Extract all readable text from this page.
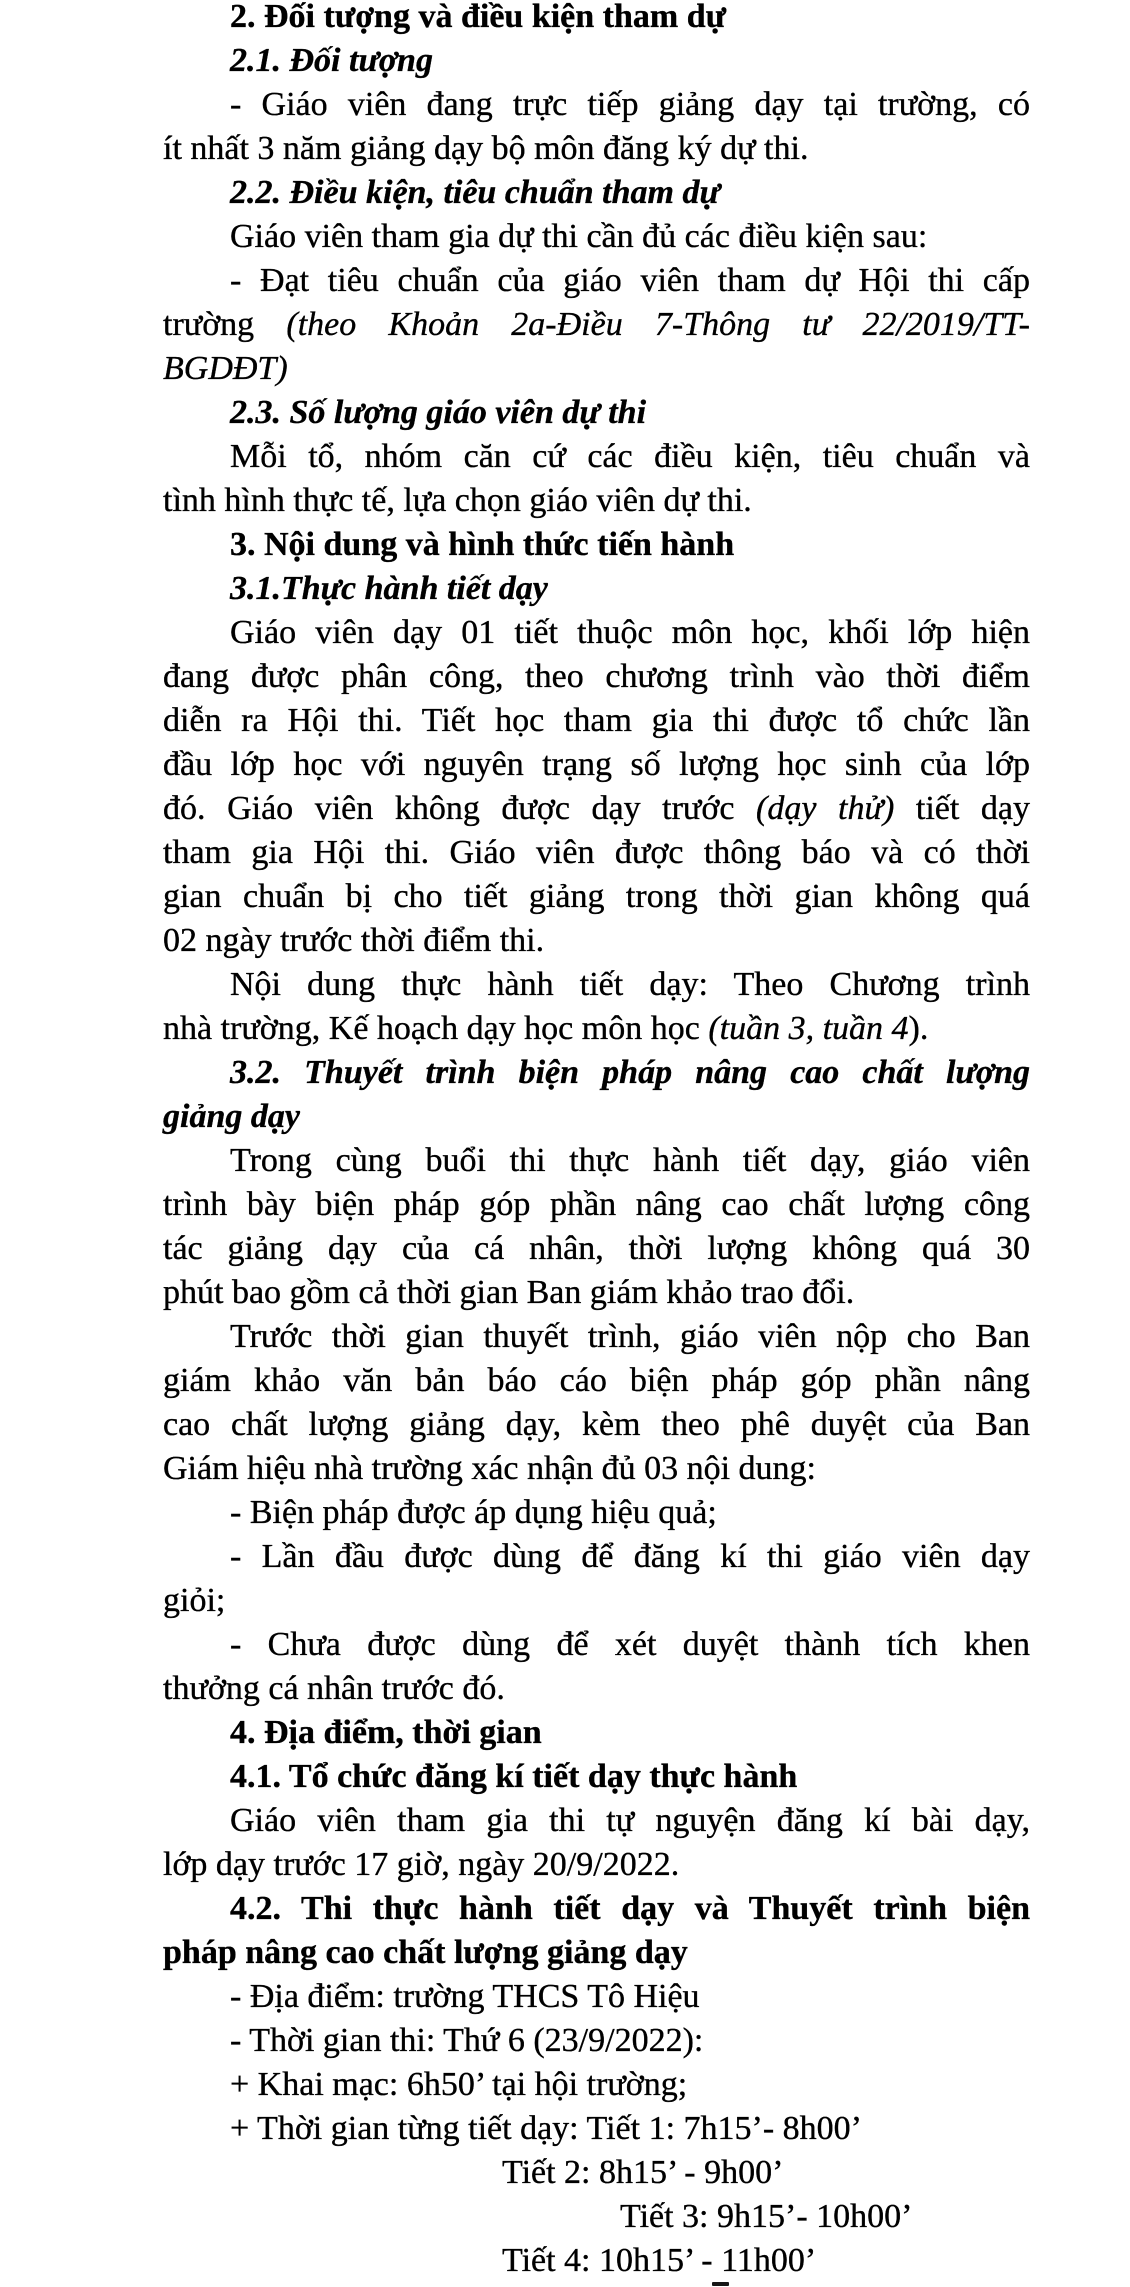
2. Đối tượng và điều kiện tham dự
2.1. Đối tượng
- Giáo viên đang trực tiếp giảng dạy tại trường, có
ít nhất 3 năm giảng dạy bộ môn đăng ký dự thi.
2.2. Điều kiện, tiêu chuẩn tham dự
Giáo viên tham gia dự thi cần đủ các điều kiện sau:
- Đạt tiêu chuẩn của giáo viên tham dự Hội thi cấp
trường (theo Khoản 2a-Điều 7-Thông tư 22/2019/TT-
BGDĐT)
2.3. Số lượng giáo viên dự thi
Mỗi tổ, nhóm căn cứ các điều kiện, tiêu chuẩn và
tình hình thực tế, lựa chọn giáo viên dự thi.
3. Nội dung và hình thức tiến hành
3.1.Thực hành tiết dạy
Giáo viên dạy 01 tiết thuộc môn học, khối lớp hiện
đang được phân công, theo chương trình vào thời điểm
diễn ra Hội thi. Tiết học tham gia thi được tổ chức lần
đầu lớp học với nguyên trạng số lượng học sinh của lớp
đó. Giáo viên không được dạy trước (dạy thử) tiết dạy
tham gia Hội thi. Giáo viên được thông báo và có thời
gian chuẩn bị cho tiết giảng trong thời gian không quá
02 ngày trước thời điểm thi.
Nội dung thực hành tiết dạy: Theo Chương trình
nhà trường, Kế hoạch dạy học môn học (tuần 3, tuần 4).
3.2. Thuyết trình biện pháp nâng cao chất lượng
giảng dạy
Trong cùng buổi thi thực hành tiết dạy, giáo viên
trình bày biện pháp góp phần nâng cao chất lượng công
tác giảng dạy của cá nhân, thời lượng không quá 30
phút bao gồm cả thời gian Ban giám khảo trao đổi.
Trước thời gian thuyết trình, giáo viên nộp cho Ban
giám khảo văn bản báo cáo biện pháp góp phần nâng
cao chất lượng giảng dạy, kèm theo phê duyệt của Ban
Giám hiệu nhà trường xác nhận đủ 03 nội dung:
- Biện pháp được áp dụng hiệu quả;
- Lần đầu được dùng để đăng kí thi giáo viên dạy
giỏi;
- Chưa được dùng để xét duyệt thành tích khen
thưởng cá nhân trước đó.
4. Địa điểm, thời gian
4.1. Tổ chức đăng kí tiết dạy thực hành
Giáo viên tham gia thi tự nguyện đăng kí bài dạy,
lớp dạy trước 17 giờ, ngày 20/9/2022.
4.2. Thi thực hành tiết dạy và Thuyết trình biện
pháp nâng cao chất lượng giảng dạy
- Địa điểm: trường THCS Tô Hiệu
- Thời gian thi: Thứ 6 (23/9/2022):
+ Khai mạc: 6h50’ tại hội trường;
+ Thời gian từng tiết dạy: Tiết 1: 7h15’- 8h00’
Tiết 2: 8h15’ - 9h00’
Tiết 3: 9h15’- 10h00’
Tiết 4: 10h15’ - 11h00’
